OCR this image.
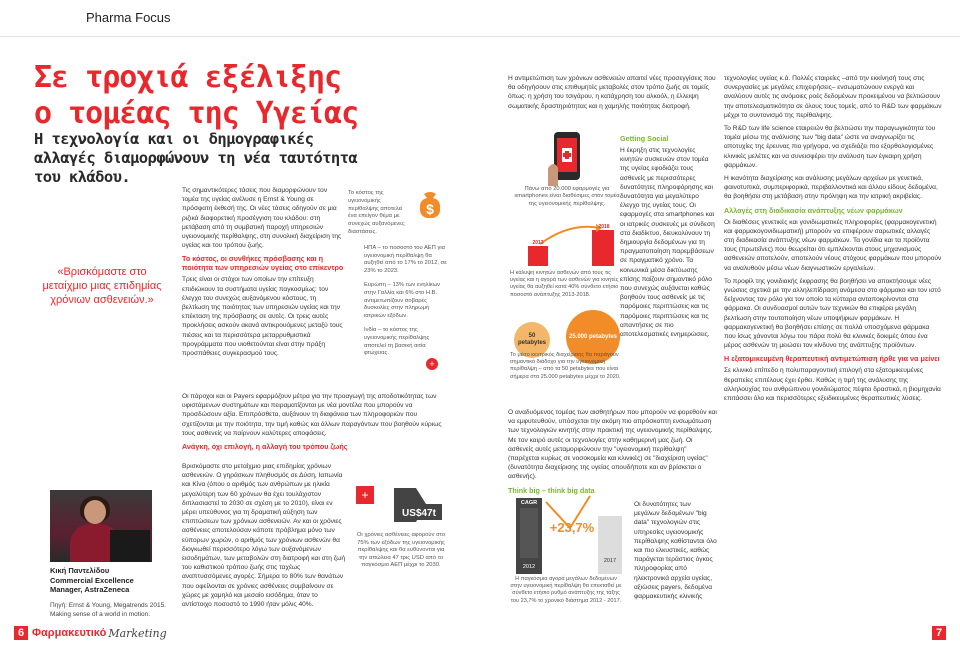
Pharma Focus
Σε τροχιά εξέλιξης
ο τομέας της Υγείας
Η τεχνολογία και οι δημογραφικές αλλαγές διαμορφώνουν τη νέα ταυτότητα του κλάδου.
«Βρισκόμαστε στο μεταίχμιο μιας επιδημίας χρόνιων ασθενειών.»
Κική Παντελίδου
Commercial Excellence Manager, AstraZeneca
Πηγή: Ernst & Young, Megatrends 2015. Making sense of a world in motion.

Τις σημαντικότερες τάσεις που διαμορφώνουν τον τομέα της υγείας ανέλυσε η Ernst & Young σε πρόσφατη έκθεσή της. Οι νέες τάσεις οδηγούν σε μια ριζικά διαφορετική προσέγγιση του κλάδου: στη μετάβαση από τη συμβατική παροχή υπηρεσιών υγειονομικής περίθαλψης, στη συνολική διαχείριση της υγείας και του τρόπου ζωής.

Το κόστος, οι συνθήκες πρόσβασης και η ποιότητα των υπηρεσιών υγείας στο επίκεντρο

Τρεις είναι οι στόχοι των οποίων την επίτευξη επιδιώκουν τα συστήματα υγείας παγκοσμίως: τον έλεγχο του συνεχώς αυξανόμενου κόστους, τη βελτίωση της ποιότητας των υπηρεσιών υγείας και την επέκταση της πρόσβασης σε αυτές. Οι τρεις αυτές προκλήσεις ασκούν ακανά αντικρουόμενες μεταξύ τους πιέσεις και τα περισσότερα μεταρρυθμιστικά προγράμματα που υιοθετούνται είναι στην πράξη προσπάθειες συγκερασμού τους.

Οι πάροχοι και οι Payers εφαρμόζουν μέτρα για την προαγωγή της αποδοτικότητας των υφιστάμενων συστημάτων και πειραματίζονται με νέα μοντέλα που μπορούν να προσδώσουν αξία. Επιπρόσθετα, αυξάνουν τη διαφάνεια των πληροφοριών που σχετίζονται με την ποιότητα, την τιμή καθώς και άλλων παραγόντων που βοηθούν κύριως τους ασθενείς να παίρνουν καλύτερες αποφάσεις.

Ανάγκη, όχι επιλογή, η αλλαγή του τρόπου ζωής

Βρισκόμαστε στο μεταίχμιο μιας επιδημίας χρόνιων ασθενειών. Ο γηράσκων πληθυσμός σε Δύση, Ιαπωνία και Κίνα (όπου ο αριθμός των ανθρώπων με ηλικία μεγαλύτερη των 60 χρόνων θα έχει τουλάχιστον διπλασιαστεί το 2030 σε σχέση με το 2010), είναι εν μέρει υπεύθυνος για τη δραματική αύξηση των επιπτώσεων των χρόνιων ασθενειών. Αν και οι χρόνιες ασθένειες αποτελούσαν κάποτε πρόβλημα μόνο των εύπορων χωρών, ο αριθμός των χρόνιων ασθενών θα διογκωθεί περισσότερο λόγω των αυξανόμενων εισοδημάτων, των μεταβολών στη διατροφή και στη ζωή του καθιστικού τρόπου ζωής στις ταχέως αναπτυσσόμενες αγορές. Σήμερα το 80% των θανάτων που οφείλονται σε χρόνιες ασθένειες συμβαίνουν σε χώρες με χαμηλό και μεσαίο εισόδημα, όταν το αντίστοιχο ποσοστό το 1990 ήταν μόλις 40%.

Το κόστος της υγειονομικής περίθαλψης αποτελεί ένα επείγον θέμα με συνεχώς αυξανόμενες διαστάσεις.
ΗΠΑ – το ποσοστό του ΑΕΠ για υγειονομική περίθαλψη θα αυξηθεί από το 17% το 2012, σε 23% το 2023.
Ευρώπη – 13% των ενηλίκων στην Γαλλία και 6% στο Η.Β. αντιμετωπίζουν σοβαρές δυσκολίες στην πληρωμή ιατρικών εξόδων.
Ινδία – το κόστος της υγειονομικής περίθαλψης αποτελεί τη βασική αιτία φτώχειας.
$
+
+
US$47t
Οι χρόνιες ασθένειες αφορούν στο 75% των εξόδων της υγειονομικής περίθαλψης και θα ευθύνονται για την απώλεια 47 τρις USD από το παγκόσμιο ΑΕΠ μέχρι το 2030.
Πάνω από 20.000 εφαρμογές για smartphones είναι διαθέσιμες στον τομέα της υγειονομικής περίθαλψης.
2013
2018
Η κάλυψη κινητών ασθενών από τους τις υγείας και η αγορά των ασθενών για κινητές υγείας θα αυξηθεί κατά 40% σύνθετο ετήσιο ποσοστό ανάπτυξης 2013-2018.
50 petabytes
25.000 petabytes
Το μέσο κεντρικός διαχείρισης θα παράγουν σημαντικό διάδοχο για την υγειονομική περίθαλψη – από τα 50 petabytes που είναι σήμερα στα 25.000 petabytes μέχρι το 2020.
CAGR
2012
2017
+23,7%
Η παγκόσμια αγορά μεγάλων δεδομένων στην υγειονομική περίθαλψη θα επεκταθεί με σύνθετο ετήσιο ρυθμό ανάπτυξης της τάξης του 23,7% το χρονικό διάστημα 2012 - 2017.

Η αντιμετώπιση των χρόνιων ασθενειών απαιτεί νέες προσεγγίσεις που θα οδηγήσουν στις επιθυμητές μεταβολές στον τρόπο ζωής σε τομείς όπως: η χρήση του τσιγάρου, η κατάχρηση του αλκοόλ, η έλλειψη σωματικής δραστηριότητας και η χαμηλής ποιότητας διατροφή.

Getting Social

Η έκρηξη στις τεχνολογίες κινητών συσκευών στον τομέα της υγείας εφοδιάζει τους ασθενείς με περισσότερες δυνατότητες πληροφόρησης και δυνατότητα για μεγαλύτερο έλεγχο της υγείας τους. Οι εφαρμογές στα smartphones και οι ιατρικές συσκευές με σύνδεση στο διαδίκτυο, διευκολύνουν τη δημιουργία δεδομένων για τη πραγματοποίηση παρεμβάσεων σε πραγματικό χρόνο. Τα κοινωνικά μέσα δικτύωσης επίσης παίζουν σημαντικό ρόλο που συνεχώς αυξάνεται καθώς βοηθούν τους ασθενείς με τις παρόμοιες περιπτώσεις και τις παρόμοιες περιπτώσεις και τις απαντήσεις σε πιο αποτελεσματικές ενημερώσεις.

Ο αναδυόμενος τομέας των αισθητήρων που μπορούν να φορεθούν και να εμφυτευθούν, υπόσχεται την ακόμη πιο απρόσκοπτη ενσωμάτωση των τεχνολογιών κινητής στην πρακτική της υγειονομικής περίθαλψης. Με τον καιρό αυτές οι τεχνολογίες στην καθημερινή μας ζωή. Οι ασθενείς αυτές μεταμορφώνουν την "υγειονομική περίθαλψη" (παρέχεται κυρίως σε νοσοκομεία και κλινικές) σε "διαχείριση υγείας" (δυνατότητα διαχείρισης της υγείας οπουδήποτε και αν βρίσκεται ο ασθενής).

Think big – think big data

Οι δυνατότητες των μεγάλων δεδομένων "big data" τεχνολογιών στις υπηρεσίες υγειονομικής περίθαλψης καθίστανται όλο και πιο ελκυστικές, καθώς παράγεται τεράστιος όγκος πληροφορίας από ηλεκτρονικά αρχεία υγείας, αξιώσεις payers, δεδομένα φαρμακευτικής κλινικής

τεχνολογίες υγείας κ.ά. Πολλές εταιρείες –από την εκκίνησή τους στις συνεργασίες με μεγάλες επιχειρήσεις– ενσωματώνουν ενεργά και αναλύουν αυτές τις ανόμοιες ροές δεδομένων προκειμένου να βελτιώσουν την αποτελεσματικότητα σε όλους τους τομείς, από τo R&D των φαρμάκων μέχρι το συντονισμό της περίθαλψης.

Το R&D των life science εταιρειών θα βελτιώσει την παραγωγικότητα του τομέα μέσω της ανάλυσης των "big data" ώστε να αναγνωρίζει τις αποτυχίες της έρευνας πιο γρήγορα, να σχεδιάζει πιο εξορθολογισμένες κλινικές μελέτες και να συνεισφέρει την ανάλυση των έγκαιρη χρήση φαρμάκων.

Η ικανότητα διαχείρισης και ανάλυσης μεγάλων αρχείων με γενετικά, φαινοτυπικά, συμπεριφορικά, περιβαλλοντικά και άλλου είδους δεδομένα, θα βοηθήσει στη μετάβαση στην πρόληψη και την ιατρική ακριβείας.

Αλλαγές στη διαδικασία ανάπτυξης νέων φαρμάκων

Οι διαθέσεις γενετικές και γονιδιωματικές πληροφορίες (φαρμακογενετική και φαρμακογονιδιωματική) μπορούν να επιφέρουν σαρωτικές αλλαγές στη διαδικασία ανάπτυξης νέων φαρμάκων. Τα γονίδια και τα προϊόντα τους (πρωτεΐνες) που θεωρείται ότι εμπλέκονται στους μηχανισμούς ασθενειών αποτελούν, αποτελούν νέους στόχους φαρμάκων που μπορούν να αναλυθούν μέσω νέων διαγνωστικών εργαλείων.

Το προφίλ της γονιδιακής έκφρασης θα βοηθήσει να αποκτήσουμε νέες γνώσεις σχετικά με την αλληλεπίδραση ανάμεσα στο φάρμακο και τον ιστό δείχνοντας τον ρόλο για τον οποίο τα κύτταρα ανταποκρίνονται στα φάρμακα. Οι συνδυασμοί αυτών των τεχνικών θα επιφέρει μεγάλη βελτίωση στην τουτοποίηση νέων υποψήφιων φαρμάκων. Η φαρμακογενετική θα βοηθήσει επίσης σε πολλά υποσχόμενα φάρμακα που ίσως χάνονται λόγω του πάρα πολύ θα κλινικές δοκιμές όπου ένα μέρος ασθενών τη μειώσει τον κίνδυνο της ανάπτυξης προϊόντων.

Η εξατομικευμένη θεραπευτική αντιμετώπιση ήρθε για να μείνει

Σε κλινικό επίπεδο η πολυπαραγοντική επιλογή στα εξατομικευμένες θεραπείες επιτέλους έχει έρθει. Καθώς η τιμή της ανάλυσης της αλληλουχίας του ανθρώπινου γονιδιώματος πέφτει δραστικά, η βιομηχανία επιτάσσει όλο και περισσότερες εξειδικευμένες θεραπευτικές λύσεις.

6 Φαρμακευτικό Marketing	7
